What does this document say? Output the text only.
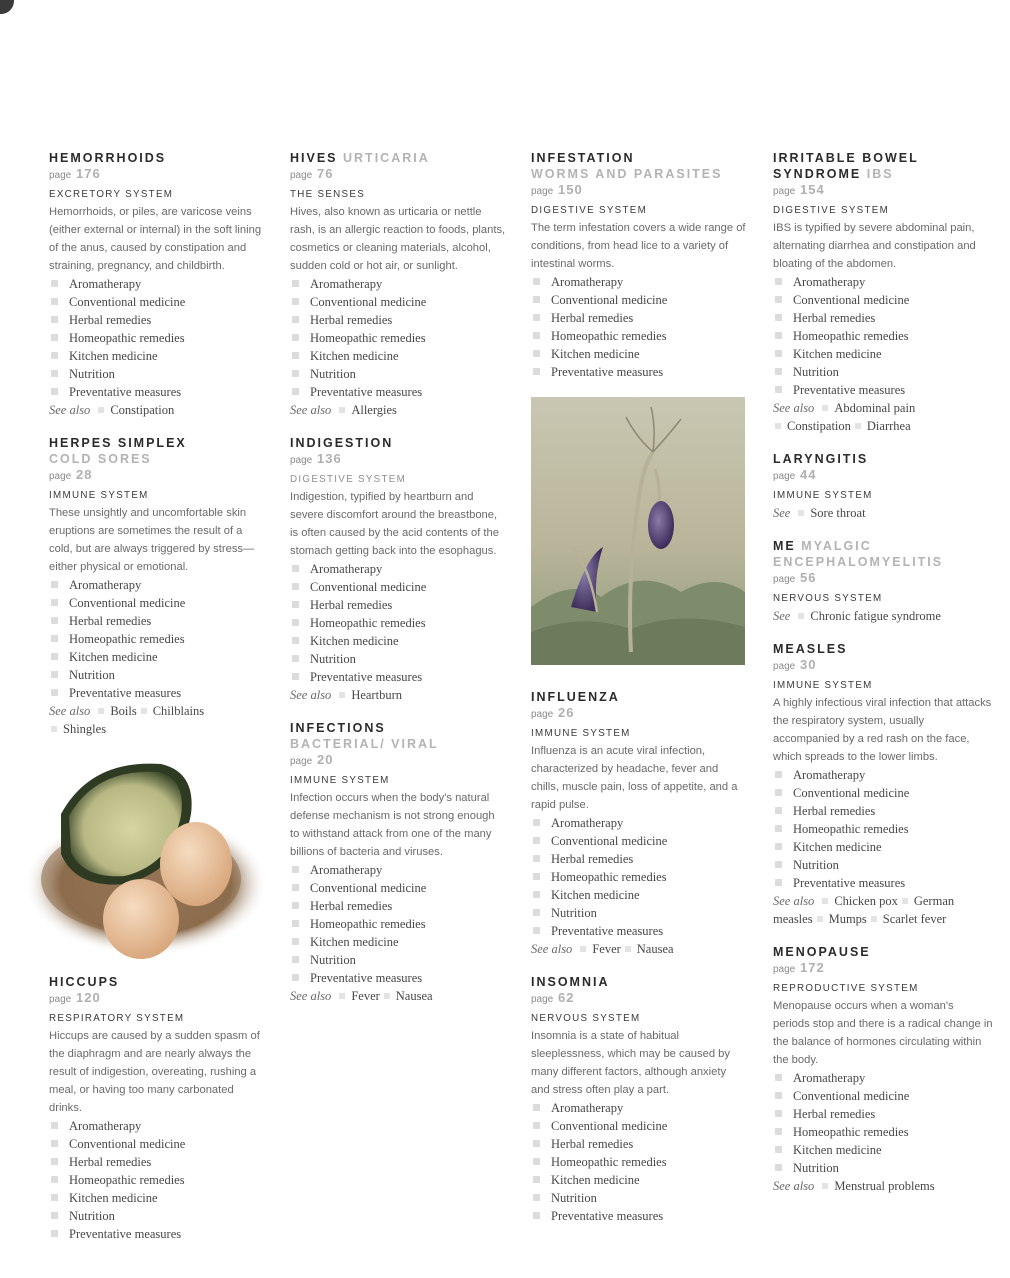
HEMORRHOIDS
page 176
EXCRETORY SYSTEM
Hemorrhoids, or piles, are varicose veins (either external or internal) in the soft lining of the anus, caused by constipation and straining, pregnancy, and childbirth.
Aromatherapy
Conventional medicine
Herbal remedies
Homeopathic remedies
Kitchen medicine
Nutrition
Preventative measures
See also Constipation
HERPES SIMPLEX
COLD SORES
page 28
IMMUNE SYSTEM
These unsightly and uncomfortable skin eruptions are sometimes the result of a cold, but are always triggered by stress—either physical or emotional.
Aromatherapy
Conventional medicine
Herbal remedies
Homeopathic remedies
Kitchen medicine
Nutrition
Preventative measures
See also Boils Chilblains
Shingles
HICCUPS
page 120
RESPIRATORY SYSTEM
Hiccups are caused by a sudden spasm of the diaphragm and are nearly always the result of indigestion, overeating, rushing a meal, or having too many carbonated drinks.
Aromatherapy
Conventional medicine
Herbal remedies
Homeopathic remedies
Kitchen medicine
Nutrition
Preventative measures
HIVES URTICARIA
page 76
THE SENSES
Hives, also known as urticaria or nettle rash, is an allergic reaction to foods, plants, cosmetics or cleaning materials, alcohol, sudden cold or hot air, or sunlight.
Aromatherapy
Conventional medicine
Herbal remedies
Homeopathic remedies
Kitchen medicine
Nutrition
Preventative measures
See also Allergies
INDIGESTION
page 136
DIGESTIVE SYSTEM
Indigestion, typified by heartburn and severe discomfort around the breastbone, is often caused by the acid contents of the stomach getting back into the esophagus.
Aromatherapy
Conventional medicine
Herbal remedies
Homeopathic remedies
Kitchen medicine
Nutrition
Preventative measures
See also Heartburn
INFECTIONS
BACTERIAL/ VIRAL
page 20
IMMUNE SYSTEM
Infection occurs when the body's natural defense mechanism is not strong enough to withstand attack from one of the many billions of bacteria and viruses.
Aromatherapy
Conventional medicine
Herbal remedies
Homeopathic remedies
Kitchen medicine
Nutrition
Preventative measures
See also Fever Nausea
INFESTATION
WORMS AND PARASITES
page 150
DIGESTIVE SYSTEM
The term infestation covers a wide range of conditions, from head lice to a variety of intestinal worms.
Aromatherapy
Conventional medicine
Herbal remedies
Homeopathic remedies
Kitchen medicine
Preventative measures
INFLUENZA
page 26
IMMUNE SYSTEM
Influenza is an acute viral infection, characterized by headache, fever and chills, muscle pain, loss of appetite, and a rapid pulse.
Aromatherapy
Conventional medicine
Herbal remedies
Homeopathic remedies
Kitchen medicine
Nutrition
Preventative measures
See also Fever Nausea
INSOMNIA
page 62
NERVOUS SYSTEM
Insomnia is a state of habitual sleeplessness, which may be caused by many different factors, although anxiety and stress often play a part.
Aromatherapy
Conventional medicine
Herbal remedies
Homeopathic remedies
Kitchen medicine
Nutrition
Preventative measures
IRRITABLE BOWEL SYNDROME IBS
page 154
DIGESTIVE SYSTEM
IBS is typified by severe abdominal pain, alternating diarrhea and constipation and bloating of the abdomen.
Aromatherapy
Conventional medicine
Herbal remedies
Homeopathic remedies
Kitchen medicine
Nutrition
Preventative measures
See also Abdominal pain
Constipation Diarrhea
LARYNGITIS
page 44
IMMUNE SYSTEM
See Sore throat
ME MYALGIC ENCEPHALOMYELITIS
page 56
NERVOUS SYSTEM
See Chronic fatigue syndrome
MEASLES
page 30
IMMUNE SYSTEM
A highly infectious viral infection that attacks the respiratory system, usually accompanied by a red rash on the face, which spreads to the lower limbs.
Aromatherapy
Conventional medicine
Herbal remedies
Homeopathic remedies
Kitchen medicine
Nutrition
Preventative measures
See also Chicken pox German measles Mumps Scarlet fever
MENOPAUSE
page 172
REPRODUCTIVE SYSTEM
Menopause occurs when a woman's periods stop and there is a radical change in the balance of hormones circulating within the body.
Aromatherapy
Conventional medicine
Herbal remedies
Homeopathic remedies
Kitchen medicine
Nutrition
See also Menstrual problems
